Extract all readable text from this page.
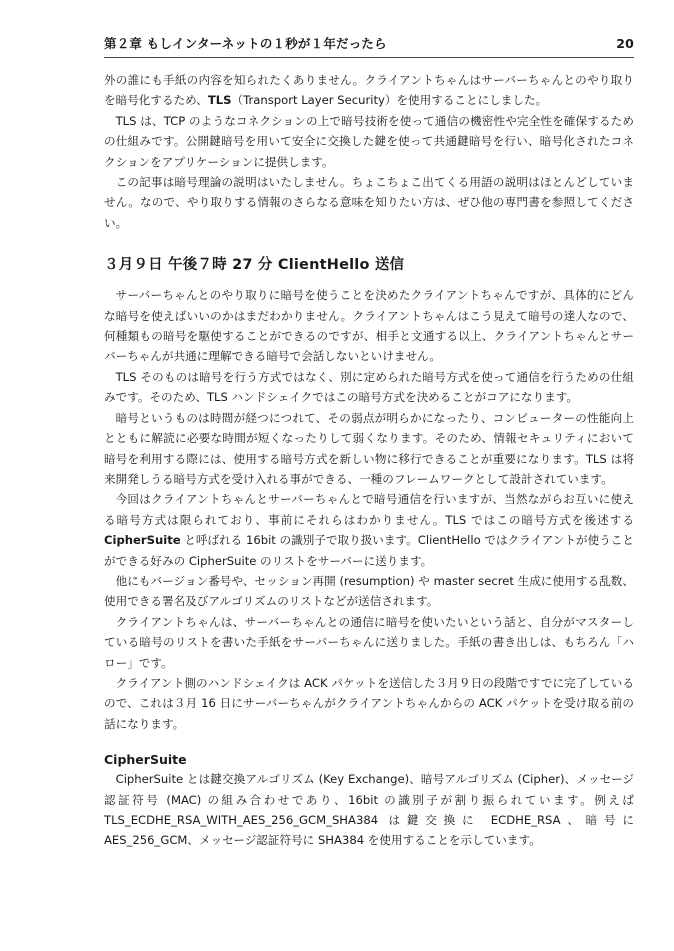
第２章 もしインターネットの１秒が１年だったら	20

外の誰にも手紙の内容を知られたくありません。クライアントちゃんはサーバーちゃんとのやり取りを暗号化するため、TLS（Transport Layer Security）を使用することにしました。

TLS は、TCP のようなコネクションの上で暗号技術を使って通信の機密性や完全性を確保するための仕組みです。公開鍵暗号を用いて安全に交換した鍵を使って共通鍵暗号を行い、暗号化されたコネクションをアプリケーションに提供します。

この記事は暗号理論の説明はいたしません。ちょこちょこ出てくる用語の説明はほとんどしていません。なので、やり取りする情報のさらなる意味を知りたい方は、ぜひ他の専門書を参照してください。

３月９日 午後７時 27 分 ClientHello 送信

サーバーちゃんとのやり取りに暗号を使うことを決めたクライアントちゃんですが、具体的にどんな暗号を使えばいいのかはまだわかりません。クライアントちゃんはこう見えて暗号の達人なので、何種類もの暗号を駆使することができるのですが、相手と文通する以上、クライアントちゃんとサーバーちゃんが共通に理解できる暗号で会話しないといけません。

TLS そのものは暗号を行う方式ではなく、別に定められた暗号方式を使って通信を行うための仕組みです。そのため、TLS ハンドシェイクではこの暗号方式を決めることがコアになります。

暗号というものは時間が経つにつれて、その弱点が明らかになったり、コンピューターの性能向上とともに解読に必要な時間が短くなったりして弱くなります。そのため、情報セキュリティにおいて暗号を利用する際には、使用する暗号方式を新しい物に移行できることが重要になります。TLS は将来開発しうる暗号方式を受け入れる事ができる、一種のフレームワークとして設計されています。

今回はクライアントちゃんとサーバーちゃんとで暗号通信を行いますが、当然ながらお互いに使える暗号方式は限られており、事前にそれらはわかりません。TLS ではこの暗号方式を後述する CipherSuite と呼ばれる 16bit の識別子で取り扱います。ClientHello ではクライアントが使うことができる好みの CipherSuite のリストをサーバーに送ります。

他にもバージョン番号や、セッション再開 (resumption) や master secret 生成に使用する乱数、使用できる署名及びアルゴリズムのリストなどが送信されます。

クライアントちゃんは、サーバーちゃんとの通信に暗号を使いたいという話と、自分がマスターしている暗号のリストを書いた手紙をサーバーちゃんに送りました。手紙の書き出しは、もちろん「ハロー」です。

クライアント側のハンドシェイクは ACK パケットを送信した３月９日の段階ですでに完了しているので、これは３月 16 日にサーバーちゃんがクライアントちゃんからの ACK パケットを受け取る前の話になります。

CipherSuite

CipherSuite とは鍵交換アルゴリズム (Key Exchange)、暗号アルゴリズム (Cipher)、メッセージ認証符号 (MAC) の組み合わせであり、16bit の識別子が割り振られています。例えば TLS_ECDHE_RSA_WITH_AES_256_GCM_SHA384 は鍵交換に ECDHE_RSA、暗号に AES_256_GCM、メッセージ認証符号に SHA384 を使用することを示しています。
